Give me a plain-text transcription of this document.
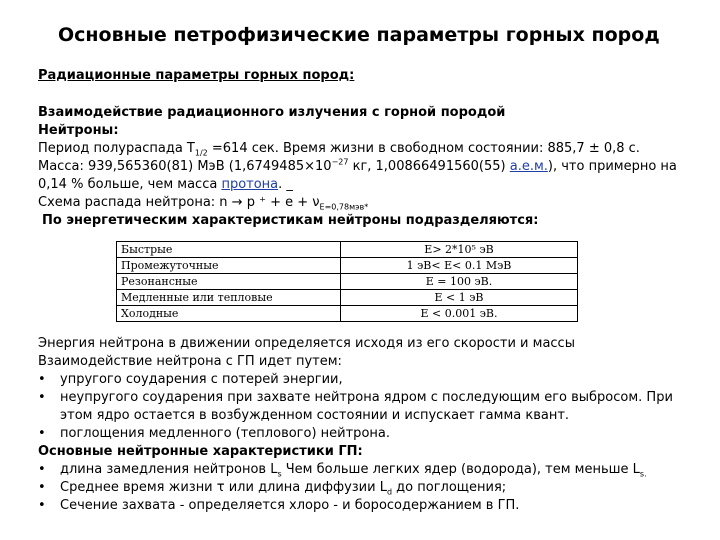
Основные петрофизические параметры горных пород
Радиационные параметры горных пород:
Взаимодействие радиационного излучения с горной породой
Нейтроны:
Период полураспада $Т_{1/2} =614$ сек. Время жизни в свободном состоянии: 885,7 ± 0,8 с.
Масса: 939,565360(81) МэВ ($1,6749485\times 10^{-27}$ кг, 1,00866491560(55) а.е.м.), что примерно на
0,14 % больше, чем масса протона. _
Схема распада нейтрона: n → p ⁺ + $e + \nu_{E=0,78мэв*}$
По энергетическим характеристикам нейтроны подразделяются:
Быстрые	E> 2*10⁵ эВ
Промежуточные	1 эВ< E< 0.1 МэВ
Резонансные	E = 100 эВ.
Медленные или тепловые	E < 1 эВ
Холодные	E < 0.001 эВ.
Энергия нейтрона в движении определяется исходя из его скорости и массы
Взаимодействие нейтрона с ГП идет путем:
• упругого соударения с потерей энергии,
• неупругого соударения при захвате нейтрона ядром с последующим его выбросом. При
этом ядро остается в возбужденном состоянии и испускает гамма квант.
• поглощения медленного (теплового) нейтрона.
Основные нейтронные характеристики ГП:
• длина замедления нейтронов $L_s$ Чем больше легких ядер (водорода), тем меньше $L_{s.}$
• Среднее время жизни τ или длина диффузии $L_d$ до поглощения;
• Сечение захвата - определяется хлоро - и бороcодержанием в ГП.
